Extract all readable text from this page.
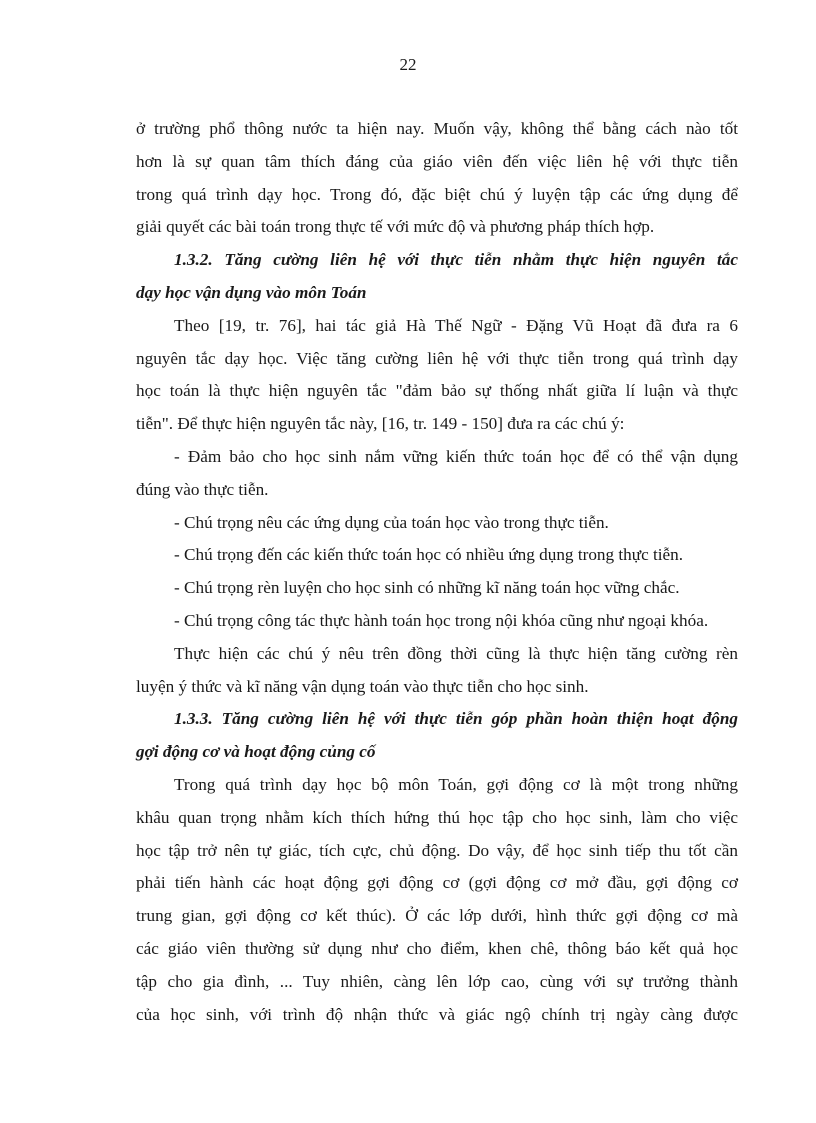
22
ở trường phổ thông nước ta hiện nay. Muốn vậy, không thể bằng cách nào tốt
hơn là sự quan tâm thích đáng của giáo viên đến việc liên hệ với thực tiễn
trong quá trình dạy học. Trong đó, đặc biệt chú ý luyện tập các ứng dụng để
giải quyết các bài toán trong thực tế với mức độ và phương pháp thích hợp.
1.3.2. Tăng cường liên hệ với thực tiễn nhằm thực hiện nguyên tắc
dạy học vận dụng vào môn Toán
Theo [19, tr. 76], hai tác giả Hà Thế Ngữ - Đặng Vũ Hoạt đã đưa ra 6
nguyên tắc dạy học. Việc tăng cường liên hệ với thực tiễn trong quá trình dạy
học toán là thực hiện nguyên tắc "đảm bảo sự thống nhất giữa lí luận và thực
tiễn". Để thực hiện nguyên tắc này, [16, tr. 149 - 150] đưa ra các chú ý:
- Đảm bảo cho học sinh nắm vững kiến thức toán học để có thể vận dụng
đúng vào thực tiễn.
- Chú trọng nêu các ứng dụng của toán học vào trong thực tiễn.
- Chú trọng đến các kiến thức toán học có nhiều ứng dụng trong thực tiễn.
- Chú trọng rèn luyện cho học sinh có những kĩ năng toán học vững chắc.
- Chú trọng công tác thực hành toán học trong nội khóa cũng như ngoại khóa.
Thực hiện các chú ý nêu trên đồng thời cũng là thực hiện tăng cường rèn
luyện ý thức và kĩ năng vận dụng toán vào thực tiễn cho học sinh.
1.3.3. Tăng cường liên hệ với thực tiễn góp phần hoàn thiện hoạt động
gợi động cơ và hoạt động củng cố
Trong quá trình dạy học bộ môn Toán, gợi động cơ là một trong những
khâu quan trọng nhằm kích thích hứng thú học tập cho học sinh, làm cho việc
học tập trở nên tự giác, tích cực, chủ động. Do vậy, để học sinh tiếp thu tốt cần
phải tiến hành các hoạt động gợi động cơ (gợi động cơ mở đầu, gợi động cơ
trung gian, gợi động cơ kết thúc). Ở các lớp dưới, hình thức gợi động cơ mà
các giáo viên thường sử dụng như cho điểm, khen chê, thông báo kết quả học
tập cho gia đình, ... Tuy nhiên, càng lên lớp cao, cùng với sự trưởng thành
của học sinh, với trình độ nhận thức và giác ngộ chính trị ngày càng được
